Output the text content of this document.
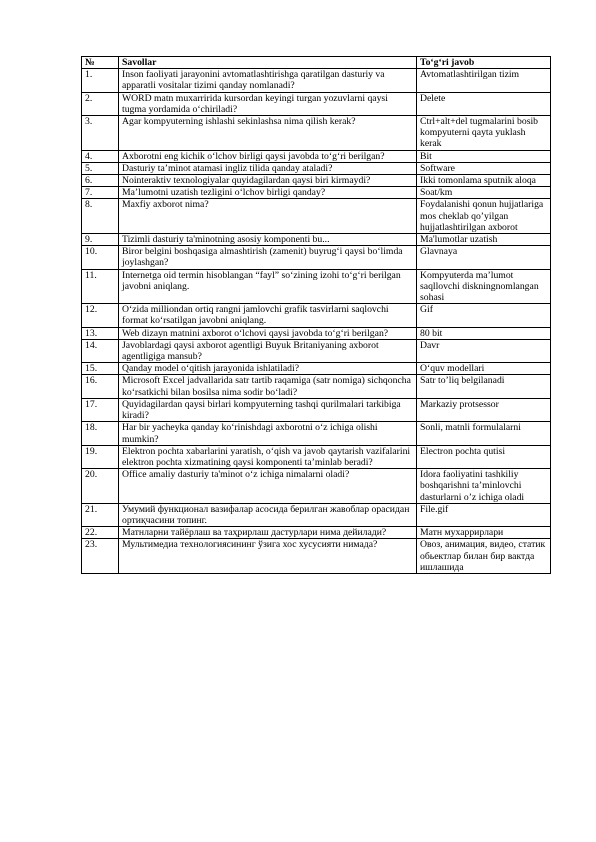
№	Savollar	To‘g‘ri javob
1.	Inson faoliyati jarayonini avtomatlashtirishga qaratilgan dasturiy va apparatli vositalar tizimi qanday nomlanadi?	Avtomatlashtirilgan tizim
2.	WORD matn muxarririda kursordan keyingi turgan yozuvlarni qaysi tugma yordamida o‘chiriladi?	Delete
3.	Agar kompyuterning ishlashi sekinlashsa nima qilish kerak?	Ctrl+alt+del tugmalarini bosib kompyuterni qayta yuklash kerak
4.	Axborotni eng kichik o‘lchov birligi qaysi javobda to‘g‘ri berilgan?	Bit
5.	Dasturiy ta’minot atamasi ingliz tilida qanday ataladi?	Software
6.	Nointeraktiv texnologiyalar quyidagilardan qaysi biri kirmaydi?	Ikki tomonlama sputnik aloqa
7.	Ma’lumotni uzatish tezligini o‘lchov birligi qanday?	Soat/km
8.	Maxfiy axborot nima?	Foydalanishi qonun hujjatlariga mos cheklab qo’yilgan hujjatlashtirilgan axborot
9.	Tizimli dasturiy ta'minotning asosiy komponenti bu...	Ma'lumotlar uzatish
10.	Biror belgini boshqasiga almashtirish (zamenit) buyrug‘i qaysi bo‘limda joylashgan?	Glavnaya
11.	Internetga oid termin hisoblangan “fayl” so‘zining izohi to‘g‘ri berilgan javobni aniqlang.	Kompyuterda ma’lumot saqllovchi diskningnomlangan sohasi
12.	O‘zida milliondan ortiq rangni jamlovchi grafik tasvirlarni saqlovchi format ko‘rsatilgan javobni aniqlang.	Gif
13.	Web dizayn matnini axborot o‘lchovi qaysi javobda to‘g‘ri berilgan?	80 bit
14.	Javoblardagi qaysi axborot agentligi Buyuk Britaniyaning axborot agentligiga mansub?	Davr
15.	Qanday model o‘qitish jarayonida ishlatiladi?	O‘quv modellari
16.	Microsoft Excel jadvallarida satr tartib raqamiga (satr nomiga) sichqoncha ko‘rsatkichi bilan bosilsa nima sodir bo‘ladi?	Satr to’liq belgilanadi
17.	Quyidagilardan qaysi birlari kompyuterning tashqi qurilmalari tarkibiga kiradi?	Markaziy protsessor
18.	Har bir yacheyka qanday ko‘rinishdagi axborotni o‘z ichiga olishi mumkin?	Sonli, matnli formulalarni
19.	Elektron pochta xabarlarini yaratish, o‘qish va javob qaytarish vazifalarini elektron pochta xizmatining qaysi komponenti ta’minlab beradi?	Electron pochta qutisi
20.	Office amaliy dasturiy ta'minot o‘z ichiga nimalarni oladi?	Idora faoliyatini tashkiliy boshqarishni ta’minlovchi dasturlarni o’z ichiga oladi
21.	Умумий функционал вазифалар асосида берилган жавоблар орасидан ортиқчасини топинг.	File.gif
22.	Матнларни тайёрлаш ва таҳрирлаш дастурлари нима дейилади?	Матн мухаррирлари
23.	Мультимедиа технологиясининг ўзига хос хусусияти нимада?	Овоз, анимация, видео, статик обьектлар билан бир вактда ишлашида
